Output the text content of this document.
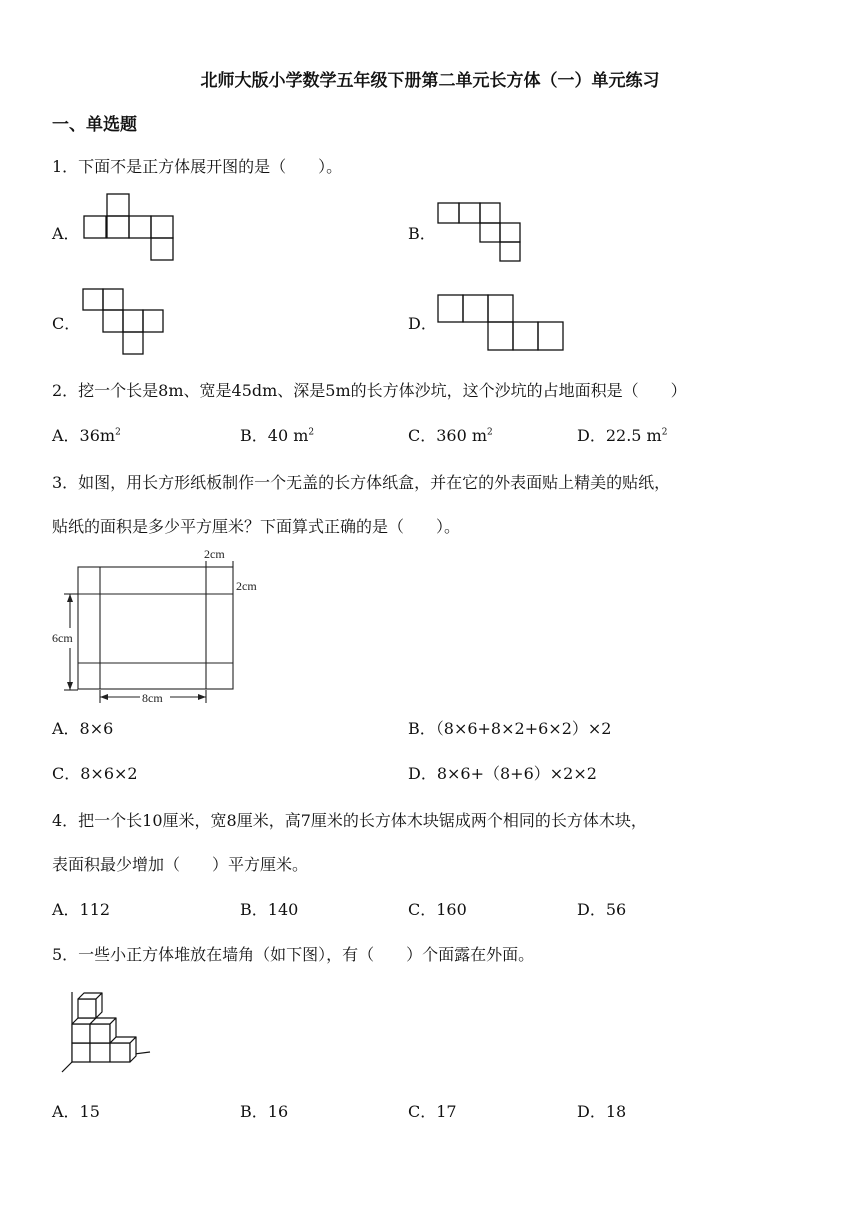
北师大版小学数学五年级下册第二单元长方体（一）单元练习
一、单选题
1．下面不是正方体展开图的是（　　）。
A．	B．
C．	D．
2．挖一个长是8m、宽是45dm、深是5m的长方体沙坑，这个沙坑的占地面积是（　　）
A．$36m^2$	B．40 $m^2$	C．360 $m^2$	D．22.5 $m^2$
3．如图，用长方形纸板制作一个无盖的长方体纸盒，并在它的外表面贴上精美的贴纸，
贴纸的面积是多少平方厘米？下面算式正确的是（　　）。
2cm
2cm
6cm
8cm
A．8×6	B．（8×6+8×2+6×2）×2
C．8×6×2	D．8×6+（8+6）×2×2
4．把一个长10厘米，宽8厘米，高7厘米的长方体木块锯成两个相同的长方体木块，
表面积最少增加（　　）平方厘米。
A．112	B．140	C．160	D．56
5．一些小正方体堆放在墙角（如下图），有（　　）个面露在外面。
A．15	B．16	C．17	D．18
